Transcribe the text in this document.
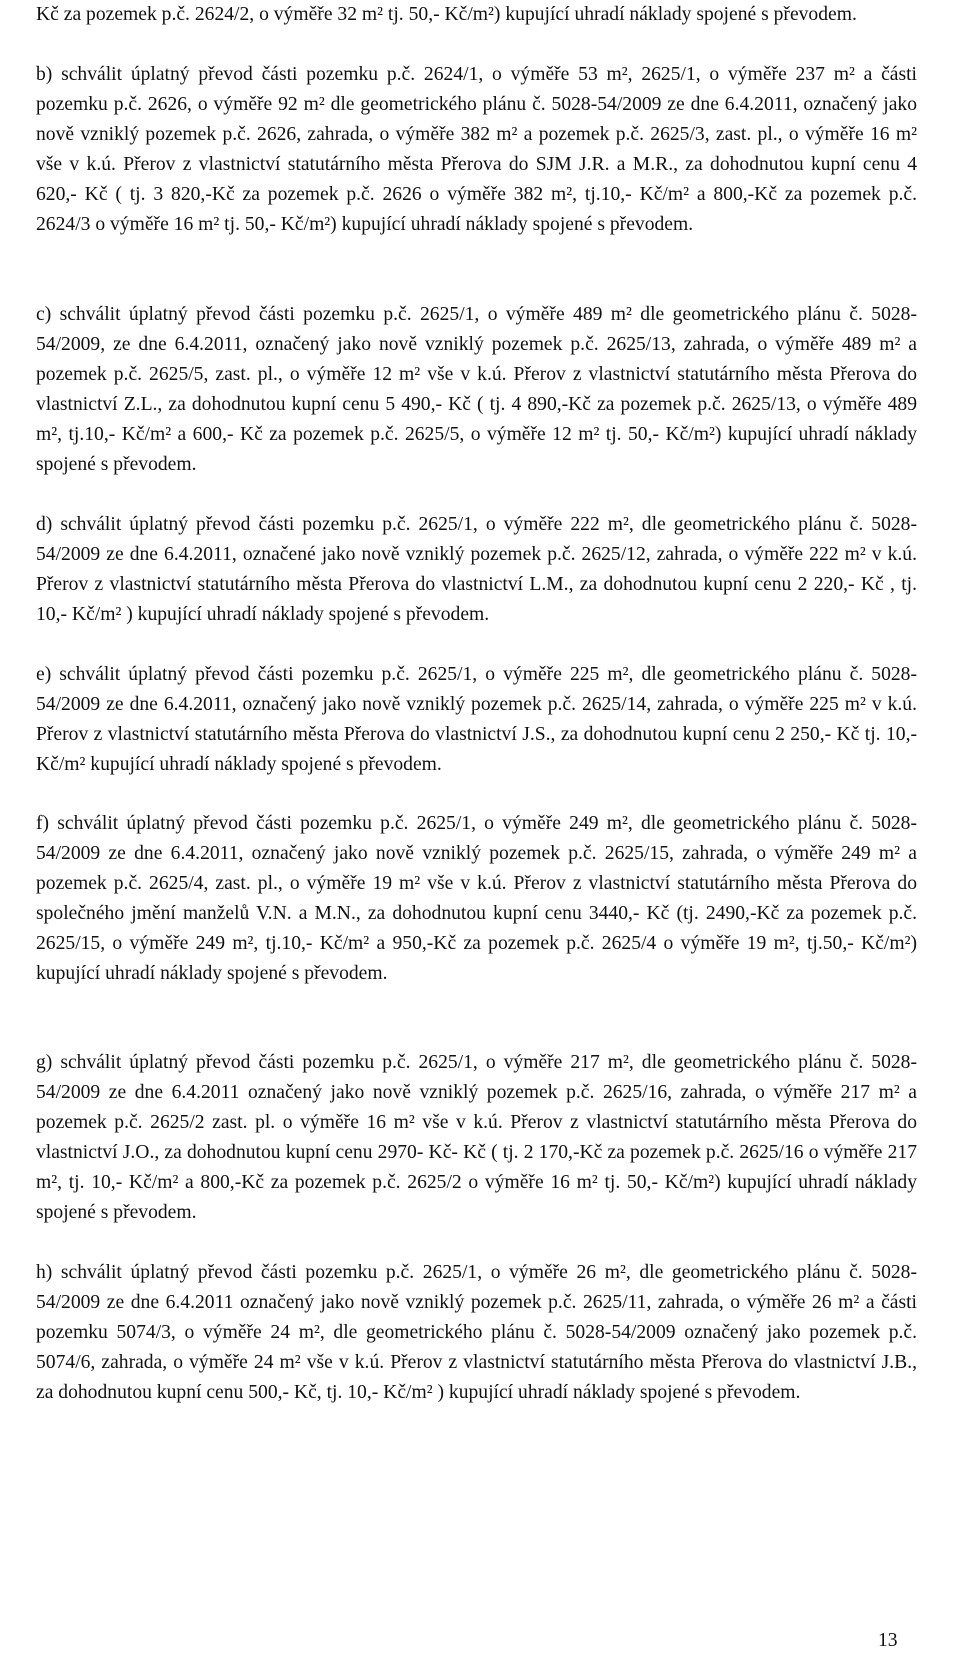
Kč za pozemek p.č. 2624/2, o výměře 32 m² tj. 50,- Kč/m²) kupující uhradí náklady spojené s převodem.
b) schválit úplatný převod části pozemku p.č. 2624/1, o výměře 53 m², 2625/1, o výměře 237 m² a části pozemku p.č. 2626, o výměře 92 m² dle geometrického plánu č. 5028-54/2009 ze dne 6.4.2011, označený jako nově vzniklý pozemek p.č. 2626, zahrada, o výměře 382 m² a pozemek p.č. 2625/3, zast. pl., o výměře 16 m² vše v k.ú. Přerov z vlastnictví statutárního města Přerova do SJM J.R. a M.R., za dohodnutou kupní cenu 4 620,- Kč ( tj. 3 820,-Kč za pozemek p.č. 2626 o výměře 382 m², tj.10,- Kč/m² a 800,-Kč za pozemek p.č. 2624/3 o výměře 16 m² tj. 50,- Kč/m²) kupující uhradí náklady spojené s převodem.
c) schválit úplatný převod části pozemku p.č. 2625/1, o výměře 489 m² dle geometrického plánu č. 5028-54/2009, ze dne 6.4.2011, označený jako nově vzniklý pozemek p.č. 2625/13, zahrada, o výměře 489 m² a pozemek p.č. 2625/5, zast. pl., o výměře 12 m² vše v k.ú. Přerov z vlastnictví statutárního města Přerova do vlastnictví Z.L., za dohodnutou kupní cenu 5 490,- Kč ( tj. 4 890,-Kč za pozemek p.č. 2625/13, o výměře 489 m², tj.10,- Kč/m² a 600,- Kč za pozemek p.č. 2625/5, o výměře 12 m² tj. 50,- Kč/m²) kupující uhradí náklady spojené s převodem.
d) schválit úplatný převod části pozemku p.č. 2625/1, o výměře 222 m², dle geometrického plánu č. 5028-54/2009 ze dne 6.4.2011, označené jako nově vzniklý pozemek p.č. 2625/12, zahrada, o výměře 222 m² v k.ú. Přerov z vlastnictví statutárního města Přerova do vlastnictví L.M., za dohodnutou kupní cenu 2 220,- Kč , tj. 10,- Kč/m² ) kupující uhradí náklady spojené s převodem.
e) schválit úplatný převod části pozemku p.č. 2625/1, o výměře 225 m², dle geometrického plánu č. 5028-54/2009 ze dne 6.4.2011, označený jako nově vzniklý pozemek p.č. 2625/14, zahrada, o výměře 225 m² v k.ú. Přerov z vlastnictví statutárního města Přerova do vlastnictví J.S., za dohodnutou kupní cenu 2 250,- Kč tj. 10,- Kč/m² kupující uhradí náklady spojené s převodem.
f) schválit úplatný převod části pozemku p.č. 2625/1, o výměře 249 m², dle geometrického plánu č. 5028-54/2009 ze dne 6.4.2011, označený jako nově vzniklý pozemek p.č. 2625/15, zahrada, o výměře 249 m² a pozemek p.č. 2625/4, zast. pl., o výměře 19 m² vše v k.ú. Přerov z vlastnictví statutárního města Přerova do společného jmění manželů V.N. a M.N., za dohodnutou kupní cenu 3440,- Kč (tj. 2490,-Kč za pozemek p.č. 2625/15, o výměře 249 m², tj.10,- Kč/m² a 950,-Kč za pozemek p.č. 2625/4 o výměře 19 m², tj.50,- Kč/m²) kupující uhradí náklady spojené s převodem.
g) schválit úplatný převod části pozemku p.č. 2625/1, o výměře 217 m², dle geometrického plánu č. 5028-54/2009 ze dne 6.4.2011 označený jako nově vzniklý pozemek p.č. 2625/16, zahrada, o výměře 217 m² a pozemek p.č. 2625/2 zast. pl. o výměře 16 m² vše v k.ú. Přerov z vlastnictví statutárního města Přerova do vlastnictví J.O., za dohodnutou kupní cenu 2970- Kč- Kč ( tj. 2 170,-Kč za pozemek p.č. 2625/16 o výměře 217 m², tj. 10,- Kč/m² a 800,-Kč za pozemek p.č. 2625/2 o výměře 16 m² tj. 50,- Kč/m²) kupující uhradí náklady spojené s převodem.
h) schválit úplatný převod části pozemku p.č. 2625/1, o výměře 26 m², dle geometrického plánu č. 5028-54/2009 ze dne 6.4.2011 označený jako nově vzniklý pozemek p.č. 2625/11, zahrada, o výměře 26 m² a části pozemku 5074/3, o výměře 24 m², dle geometrického plánu č. 5028-54/2009 označený jako pozemek p.č. 5074/6, zahrada, o výměře 24 m² vše v k.ú. Přerov z vlastnictví statutárního města Přerova do vlastnictví J.B., za dohodnutou kupní cenu 500,- Kč, tj. 10,- Kč/m² ) kupující uhradí náklady spojené s převodem.
13
